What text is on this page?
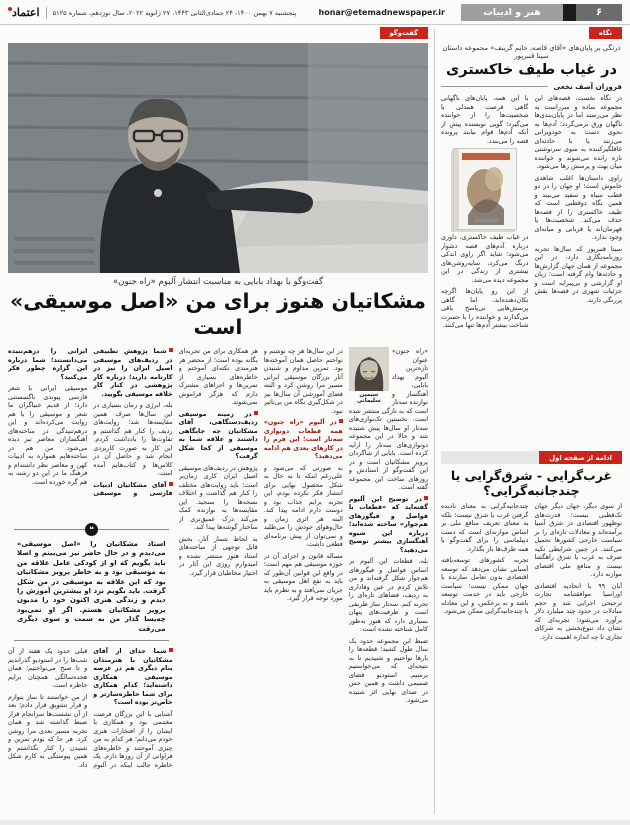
۶
هنر و ادبیات
honar@etemadnewspaper.ir
پنجشنبه ۷ بهمن ۱۴۰۰، ۲۴ جمادی‌الثانی ۱۴۴۳، ۲۷ ژانویه ۲۰۲۲، سال نوزدهم، شماره ۵۱۲۵
اعتماد
نگاه
درنگی بر پایان‌های «آقای قاصه، خانم گرینف» مجموعه داستان سینا قنبرپور
در غیاب طیف خاکستری
فروزان آصف نخعی

در نگاه نخست، قصه‌های این مجموعه ساده و سرراست به نظر می‌رسند اما در پایان‌بندی‌ها ناگهان ورق برمی‌گردد؛ آدم‌ها به نحوی دست به خودویرانی می‌زنند یا با حادثه‌ای غافلگیرکننده به سوی سرنوشتی تازه رانده می‌شوند و خواننده میان بهت و پرسش رها می‌شود.

راوی داستان‌ها اغلب شاهدی خاموش است؛ او جهان را در دو قطب سیاه و سفید می‌بیند و همین نگاه دوقطبی است که طیف خاکستری را از قصه‌ها حذف می‌کند. شخصیت‌ها یا قهرمان‌اند یا قربانی و میانه‌ای وجود ندارد.

سینا قنبرپور که سال‌ها تجربه روزنامه‌نگاری دارد، در این مجموعه از همان جهان گزارش‌ها و حادثه‌ها وام گرفته است؛ زبان او گزارشی و بی‌پیرایه است و جزئیات شهری در قصه‌ها نقش پررنگی دارند.

با این همه، پایان‌های ناگهانی گاهی فرصت همدلی با شخصیت‌ها را از خواننده می‌گیرد؛ گویی نویسنده پیش از آنکه آدم‌ها قوام بیابند پرونده قصه را می‌بندد.

در غیاب طیف خاکستری، داوری درباره آدم‌های قصه دشوار می‌شود؛ شاید اگر راوی اندکی درنگ می‌کرد، سایه‌روشن‌های بیشتری از زندگی در این مجموعه دیده می‌شد.

از این رو پایان‌ها اگرچه تکان‌دهنده‌اند، اما گاهی پرسش‌هایی بی‌پاسخ باقی می‌گذارند و خواننده را با حسرت شناخت بیشتر آدم‌ها تنها می‌کنند.

ادامه از صفحه اول
غرب‌گرایی - شرق‌گرایی یا چندجانبه‌گرایی؟

از سوی دیگر، جهان دیگر جهان تک‌قطبی نیست؛ قدرت‌های نوظهور اقتصادی در شرق آسیا برآمده‌اند و معادلات تازه‌ای را بر سیاست خارجی کشورها تحمیل می‌کنند. در چنین شرایطی تکیه صرف به غرب یا شرق راهگشا نیست و منافع ملی اقتضای موازنه دارد.

آبان ۹۹ با اتحادیه اقتصادی اوراسیا موافقتنامه تجارت ترجیحی اجرایی شد و حجم مبادلات در حدود چند میلیارد دلار برآورد می‌شود؛ تجربه‌ای که نشان داد تنوع‌بخشی به شرکای تجاری تا چه اندازه اهمیت دارد.

چندجانبه‌گرایی به معنای نادیده گرفتن غرب یا شرق نیست؛ بلکه به معنای تعریف منافع ملی بر اساس موازنه‌ای است که دست دیپلماسی را برای گفت‌وگو با همه طرف‌ها باز بگذارد.

تجربه کشورهای توسعه‌یافته آسیایی نشان می‌دهد که توسعه اقتصادی بدون تعامل سازنده با جهان ممکن نیست؛ سیاست خارجی باید در خدمت توسعه باشد و نه برعکس، و این معادله با چندجانبه‌گرایی ممکن می‌شود.

گفت‌وگو
گفت‌وگو با بهداد بابایی به مناسبت انتشار آلبوم «راه جنون»
مشکاتیان هنوز برای من «اصل موسیقی» است
سیمین سلیمانی

«راه جنون» عنوان تازه‌ترین آلبوم بهداد بابایی، آهنگساز و نوازنده سه‌تار است که به تازگی منتشر شده است. نخستین تک‌نوازی‌های سه‌تار او سال‌ها پیش شنیده شد و حالا در این مجموعه دونوازی‌های سه‌تار را ارایه کرده است. بابایی از شاگردان پرویز مشکاتیان است و در این گفت‌وگو از استادش و روزهای ساخت این مجموعه گفته است.

در توضیح این آلبوم گفته‌اید که «قطعات با فواصل و فیگورهای هم‌جوار» ساخته شده‌اند؛ درباره این شیوه آهنگسازی بیشتر توضیح می‌دهید؟

بله، قطعات این آلبوم بر اساس فواصل و فیگورهای هم‌جوار شکل گرفته‌اند و من تلاش کردم در عین وفاداری به ردیف، فضاهای تازه‌ای را تجربه کنم. سه‌تار ساز ظریفی است و ظرفیت‌های پنهان بسیاری دارد که هنوز به‌طور کامل شناخته نشده است.

ضبط این مجموعه حدود یک سال طول کشید؛ قطعه‌ها را بارها نواختیم و شنیدیم تا به نتیجه‌ای که می‌خواستیم برسیم. استودیو فضای صمیمی داشت و همین حس در صدای نهایی اثر شنیده می‌شود.

در این سال‌ها هر چه نوشتم و نواختم حاصل همان آموخته‌ها بود. تمرین مداوم و شنیدن آثار بزرگان موسیقی ایرانی مسیر مرا روشن کرد و البته فضای آموزشی آن سال‌ها نیز در شکل‌گیری نگاه من بی‌تاثیر نبود.

در آلبوم «راه جنون» همه قطعات دونوازی سه‌تار است؛ این فرم را در کارهای بعدی هم ادامه می‌دهید؟

به صورتی که می‌شود و علی‌رغم اینکه تا به حال به شکل محصول نهایی برای انتشار فکر نکرده بودم، این تجربه برایم جذاب بود و دوست دارم ادامه پیدا کند. البته هر اثری زمان و حال‌وهوای خودش را می‌طلبد و نمی‌توان از پیش برنامه‌ای قطعی داشت.

مساله قانون و اجرای آن در حوزه موسیقی هم مهم است؛ در واقع این قوانین آن‌طور که باید به نفع اهل موسیقی به جریان نمی‌افتد و به نظرم باید مورد توجه قرار گیرد.

هر همکاری برای من تجربه‌ای یگانه بوده است؛ از محضر هر هنرمندی نکته‌ای آموختم و خاطره‌های بسیاری از تمرین‌ها و اجراهای مشترک دارم که هرگز فراموش نمی‌شوند.

در زمینه موسیقی ردیف‌دستگاهی، آقای مشکاتیان چه جایگاهی داشتند و علاقه شما به موسیقی از کجا شکل گرفت؟

پژوهش در ردیف‌های موسیقی اصیل ایران کاری زمان‌بر است؛ باید روایت‌های مختلف را کنار هم گذاشت و اختلاف نسخه‌ها را سنجید. این مقایسه‌ها به نوازنده کمک می‌کند درک عمیق‌تری از ساختار گوشه‌ها پیدا کند.

به لحاظ شمار آثار، بخش قابل توجهی از ساخته‌های استاد هنوز منتشر نشده و امیدوارم روزی این آثار در اختیار مخاطبان قرار گیرد.

شما پژوهش تطبیقی در ردیف‌های موسیقی اصیل ایران را نیز در کارنامه دارید؛ درباره کار پژوهشی در کنار کار خلاقه موسیقی بگویید.

بله، انرژی و زمان بسیاری در این سال‌ها صرف همین مقایسه‌ها شد؛ روایت‌های ردیف را کنار هم گذاشتم و تفاوت‌ها را یادداشت کردم. این کار به صورت کاربردی انجام شد و حاصل آن در کلاس‌ها و کتاب‌هایم آمده است.

آقای مشکاتیان ادبیات فارسی و موسیقی ایرانی را درهم‌تنیده می‌دانستند؛ شما درباره این گزاره چطور فکر می‌کنید؟

موسیقی ایرانی با شعر فارسی پیوندی ناگسستنی دارد؛ از قدیم خنیاگران ما شعر و موسیقی را با هم روایت می‌کرده‌اند و این درهم‌تنیدگی در ساخته‌های آهنگسازان معاصر نیز دیده می‌شود. من هم در ساخته‌هایم همواره به ادبیات کهن و معاصر نظر داشته‌ام و فرهنگ ما در این دو رشته به هم گره خورده است.

❝
استاد مشکاتیان را «اصل موسیقی» می‌دیدم و در حال حاضر نیز می‌بینم و اصلا باید بگویم که او از کودکی عامل علاقه من به موسیقی بود و به خاطر پرویز مشکاتیان بود که این علاقه به موسیقی در من شکل گرفت. باید بگویم نزد او بیشترین آموزش را دیدم و زندگی هنری اکنون خود را مدیون پرویز مشکاتیان هستم. اگر او نمی‌بود چه‌بسا گذار من به سمت و سوی دیگری می‌رفت

شما جدای از آقای مشکاتیان با هنرمندان بنام دیگری هم در عرصه موسیقی همکاری داشته‌اید؛ کدام همکاری برای شما خاطره‌سازتر و خاص‌تر بوده است؟

آشنایی با این بزرگان فرصت مغتنمی بود و همکاری با ایشان را از افتخارات هنری خودم می‌دانم؛ هر کدام به من چیزی آموختند و خاطره‌های فراوانی از آن روزها دارم. یک خاطره جالب اینکه در آلبوم قبلی حدود یک هفته از آن شب‌ها را در استودیو گذراندیم و تا صبح می‌نواختیم؛ همان هجده‌سالگی همچنان برایم خاطره است.

از من خواستند تا ساز بنوازم و قرار تشویق قرار دادم؛ بعد از آن نشست‌ها سرانجام قرار ضبط گذاشته شد و همان تجربه مسیر بعدی مرا روشن کرد. هر جا که بودم تمرین و شنیدن را کنار نگذاشتم و همین پیوستگی به کارم شکل داد.
